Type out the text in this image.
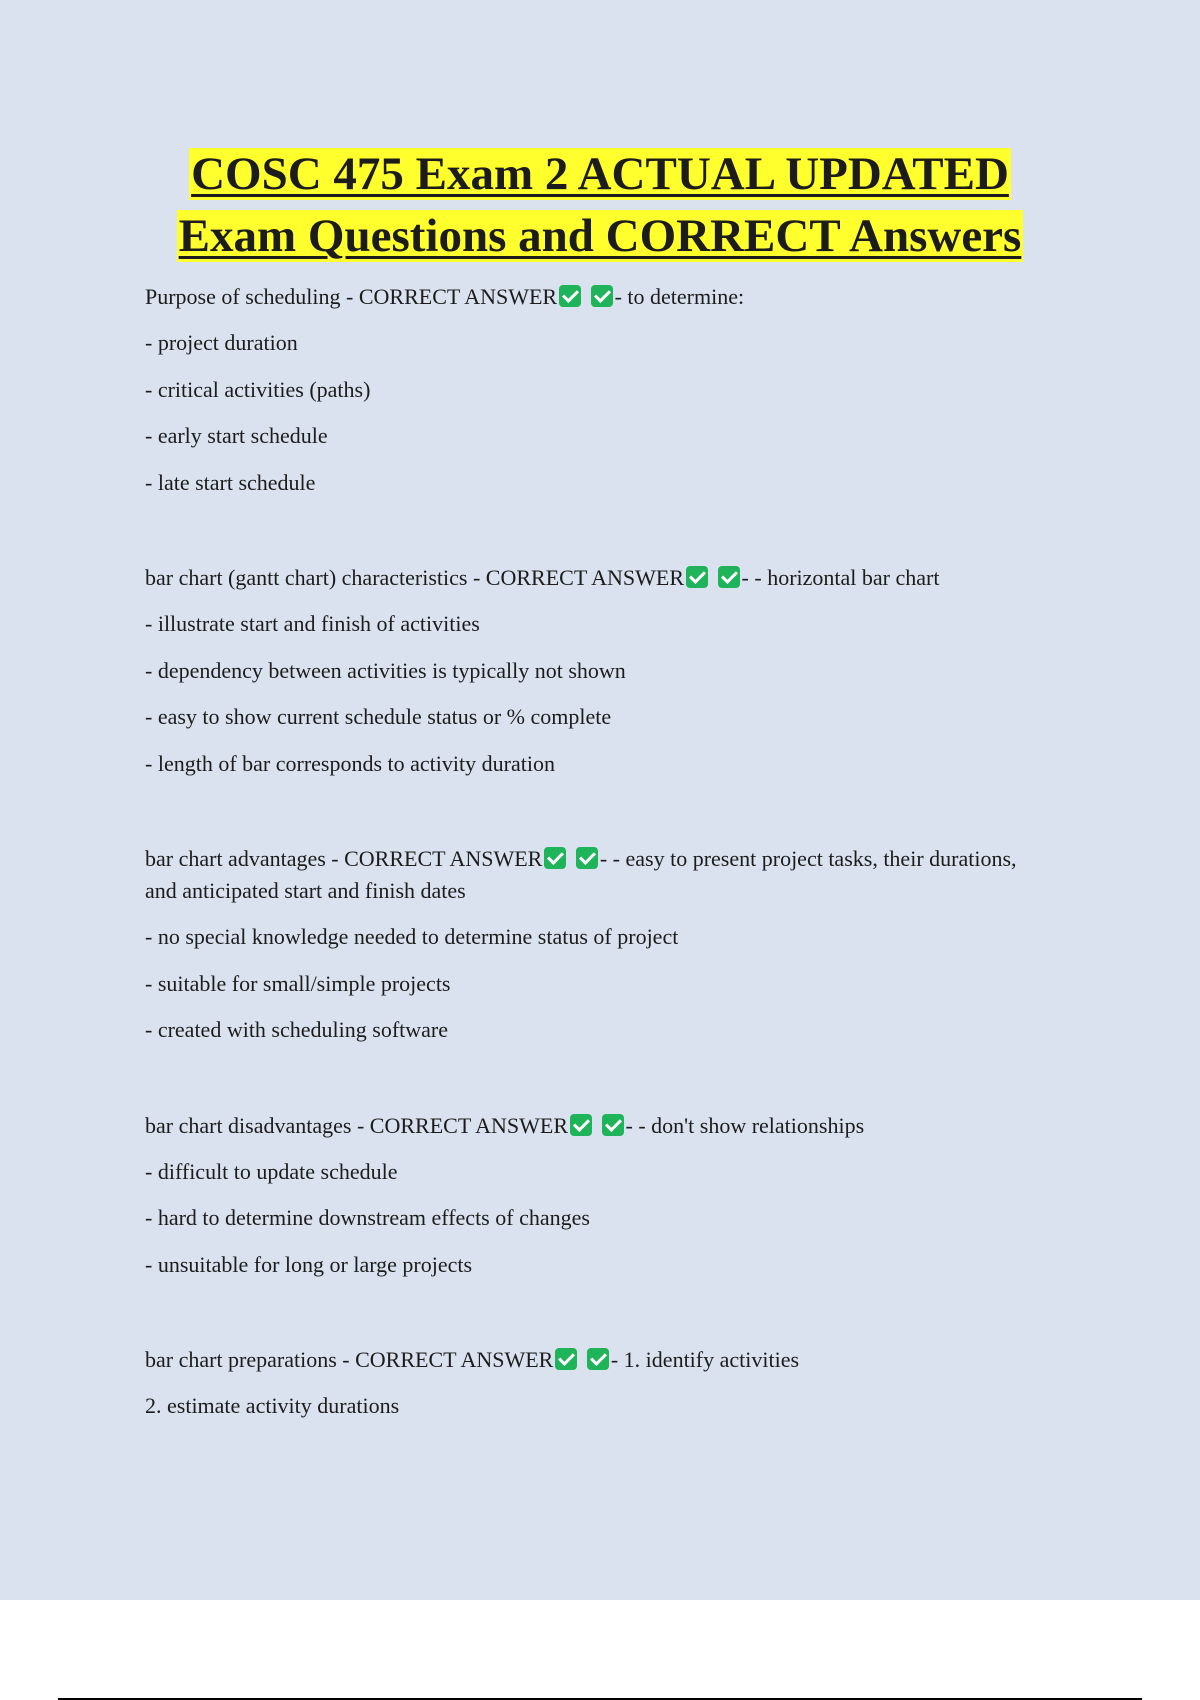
COSC 475 Exam 2 ACTUAL UPDATED

Exam Questions and CORRECT Answers

Purpose of scheduling - CORRECT ANSWER	- to determine:

- project duration

- critical activities (paths)

- early start schedule

- late start schedule

bar chart (gantt chart) characteristics - CORRECT ANSWER	- - horizontal bar chart

- illustrate start and finish of activities

- dependency between activities is typically not shown

- easy to show current schedule status or % complete

- length of bar corresponds to activity duration

bar chart advantages - CORRECT ANSWER	- - easy to present project tasks, their durations, and anticipated start and finish dates

- no special knowledge needed to determine status of project

- suitable for small/simple projects

- created with scheduling software

bar chart disadvantages - CORRECT ANSWER	- - don't show relationships

- difficult to update schedule

- hard to determine downstream effects of changes

- unsuitable for long or large projects

bar chart preparations - CORRECT ANSWER	- 1. identify activities

2. estimate activity durations
